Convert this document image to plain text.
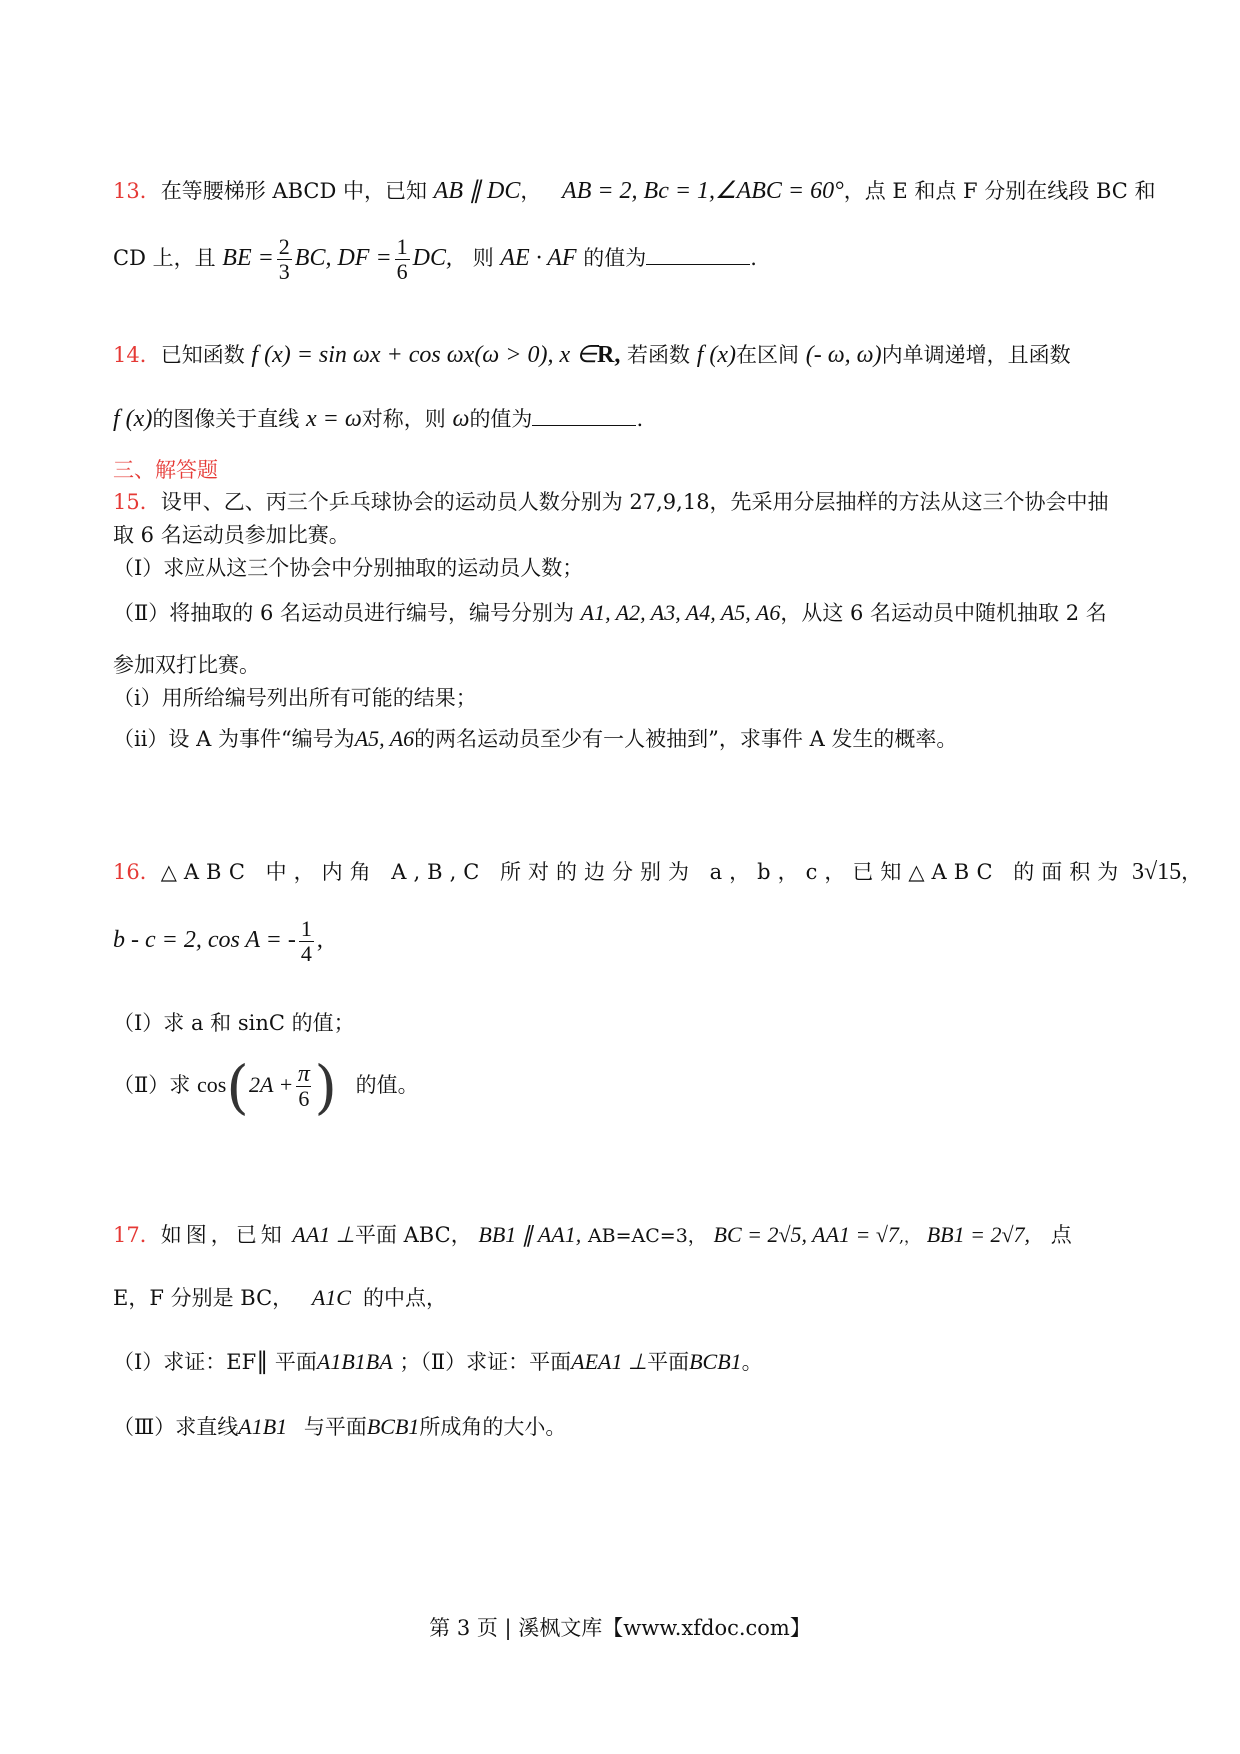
13．在等腰梯形 ABCD 中，已知 AB ∥ DC， AB = 2, Bc = 1,∠ABC = 60°，点 E 和点 F 分别在线段 BC 和
CD 上，且 BE = $\frac{2}{3}$ BC, DF = $\frac{1}{6}$ DC, 则 AE · AF 的值为	.
14．已知函数 f (x) = sin ωx + cos ωx(ω > 0), x ∈R, 若函数 f (x)在区间 (- ω, ω)内单调递增，且函数
f (x)的图像关于直线 x = ω对称，则 ω的值为	.
三、解答题
15．设甲、乙、丙三个乒乓球协会的运动员人数分别为 27,9,18，先采用分层抽样的方法从这三个协会中抽
取 6 名运动员参加比赛。
（Ⅰ）求应从这三个协会中分别抽取的运动员人数；
（Ⅱ）将抽取的 6 名运动员进行编号，编号分别为 A1, A2, A3, A4, A5, A6，从这 6 名运动员中随机抽取 2 名
参加双打比赛。
（i）用所给编号列出所有可能的结果；
（ii）设 A 为事件“编号为A5, A6的两名运动员至少有一人被抽到”，求事件 A 发生的概率。
16．△ABC 中，内角 A,B,C 所对的边分别为 a，b，c，已知△ABC 的面积为 3√15，
b - c = 2, cos A = - $\frac{1}{4}$ ,
（Ⅰ）求 a 和 sinC 的值；
（Ⅱ）求 $\cos(2A + \frac{\pi}{6}$ ) 的值。
17．如图，已知 AA1 ⊥平面 ABC， BB1 ∥ AA1, AB=AC=3， BC = 2√5, AA1 = √7,， BB1 = 2√7, 点
E，F 分别是 BC， A1C 的中点，
（Ⅰ）求证：EF∥ 平面A1B1BA ；（Ⅱ）求证：平面AEA1 ⊥平面BCB1。
（Ⅲ）求直线A1B1 与平面BCB1所成角的大小。
第 3 页 | 溪枫文库【www.xfdoc.com】
